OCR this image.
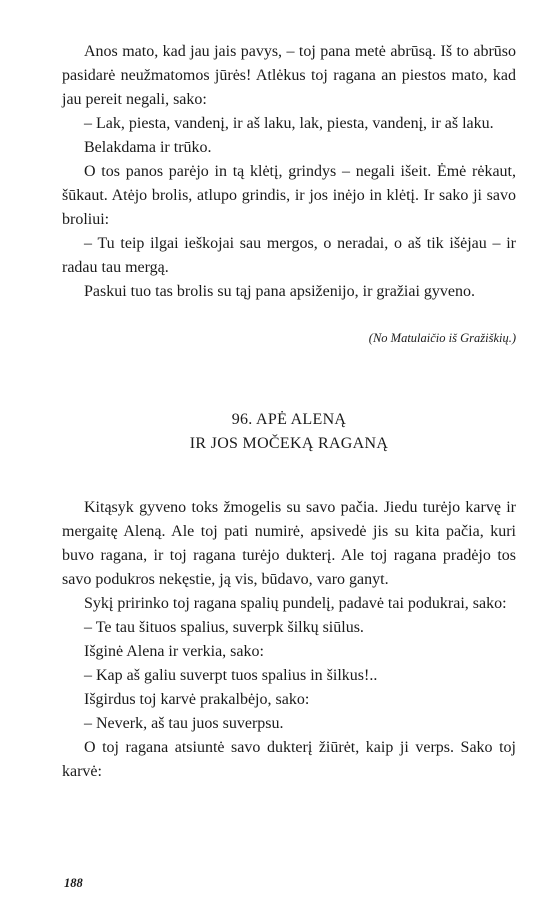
Anos mato, kad jau jais pavys, – toj pana metė abrūsą. Iš to abrūso pasidarė neužmatomos jūrės! Atlėkus toj ragana an piestos mato, kad jau pereit negali, sako:

– Lak, piesta, vandenį, ir aš laku, lak, piesta, vandenį, ir aš laku.

Belakdama ir trūko.

O tos panos parėjo in tą klėtį, grindys – negali išeit. Ėmė rėkaut, šūkaut. Atėjo brolis, atlupo grindis, ir jos inėjo in klėtį. Ir sako ji savo broliui:

– Tu teip ilgai ieškojai sau mergos, o neradai, o aš tik išėjau – ir radau tau mergą.

Paskui tuo tas brolis su tąj pana apsiženijo, ir gražiai gyveno.

(No Matulaičio iš Gražiškių.)

96. APĖ ALENĄ
IR JOS MOČEKĄ RAGANĄ

Kitąsyk gyveno toks žmogelis su savo pačia. Jiedu turėjo karvę ir mergaitę Aleną. Ale toj pati numirė, apsivedė jis su kita pačia, kuri buvo ragana, ir toj ragana turėjo dukterį. Ale toj ragana pradėjo tos savo podukros nekęstie, ją vis, būdavo, varo ganyt.

Sykį pririnko toj ragana spalių pundelį, padavė tai podukrai, sako:

– Te tau šituos spalius, suverpk šilkų siūlus.

Išginė Alena ir verkia, sako:

– Kap aš galiu suverpt tuos spalius in šilkus!..

Išgirdus toj karvė prakalbėjo, sako:

– Neverk, aš tau juos suverpsu.

O toj ragana atsiuntė savo dukterį žiūrėt, kaip ji verps. Sako toj karvė:

188
